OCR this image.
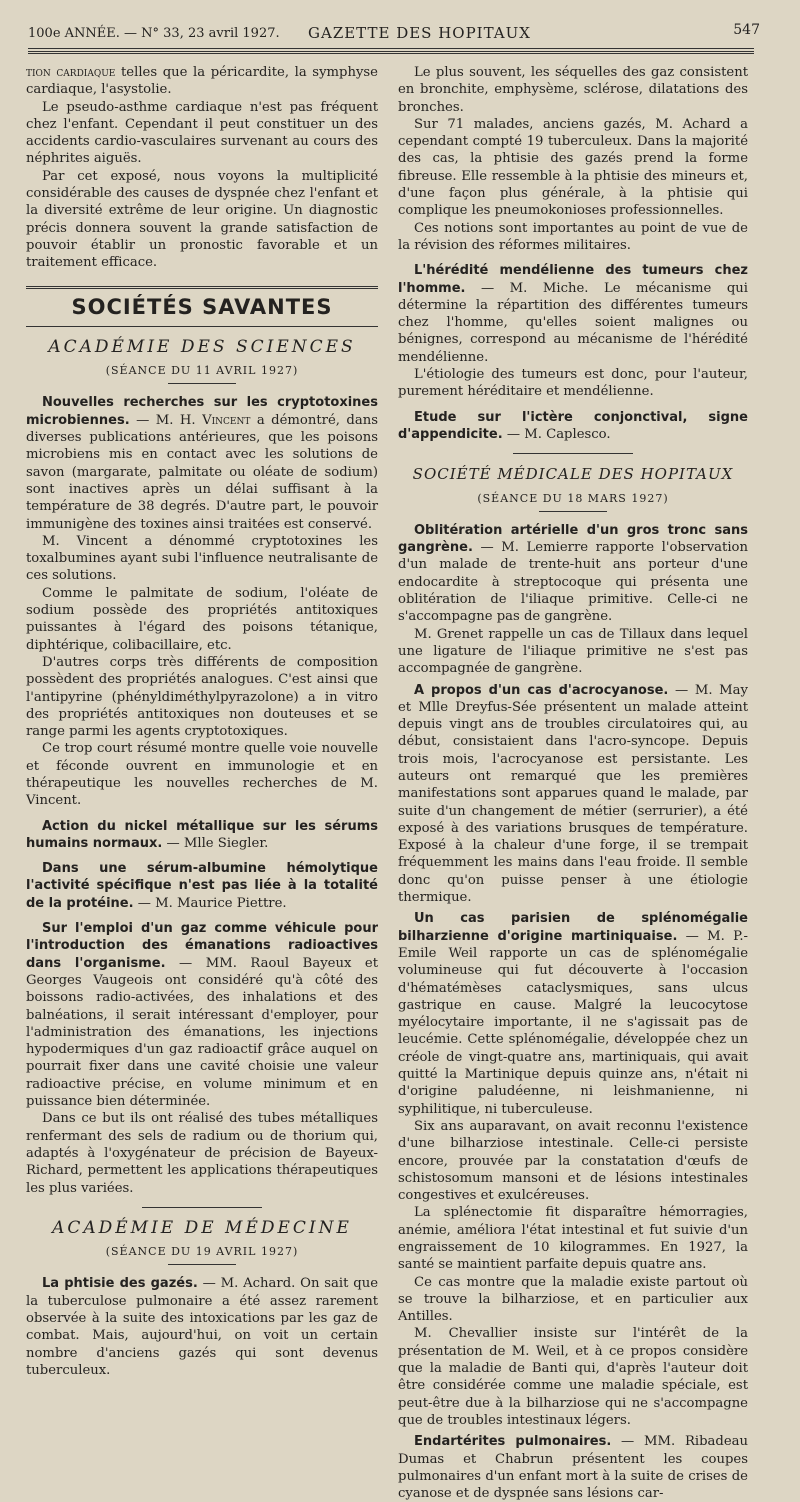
100e ANNÉE. — N° 33, 23 avril 1927. GAZETTE DES HOPITAUX	547

tion cardiaque telles que la péricardite, la symphyse cardiaque, l'asystolie.

Le pseudo-asthme cardiaque n'est pas fréquent chez l'enfant. Cependant il peut constituer un des accidents cardio-vasculaires survenant au cours des néphrites aiguës.

Par cet exposé, nous voyons la multiplicité considérable des causes de dyspnée chez l'enfant et la diversité extrême de leur origine. Un diagnostic précis donnera souvent la grande satisfaction de pouvoir établir un pronostic favorable et un traitement efficace.

SOCIÉTÉS SAVANTES
ACADÉMIE DES SCIENCES
(SÉANCE DU 11 AVRIL 1927)

Nouvelles recherches sur les cryptotoxines microbiennes. — M. H. Vincent a démontré, dans diverses publications antérieures, que les poisons microbiens mis en contact avec les solutions de savon (margarate, palmitate ou oléate de sodium) sont inactives après un délai suffisant à la température de 38 degrés. D'autre part, le pouvoir immunigène des toxines ainsi traitées est conservé.

M. Vincent a dénommé cryptotoxines les toxalbumines ayant subi l'influence neutralisante de ces solutions.

Comme le palmitate de sodium, l'oléate de sodium possède des propriétés antitoxiques puissantes à l'égard des poisons tétanique, diphtérique, colibacillaire, etc.

D'autres corps très différents de composition possèdent des propriétés analogues. C'est ainsi que l'antipyrine (phényldiméthylpyrazolone) a in vitro des propriétés antitoxiques non douteuses et se range parmi les agents cryptotoxiques.

Ce trop court résumé montre quelle voie nouvelle et féconde ouvrent en immunologie et en thérapeutique les nouvelles recherches de M. Vincent.

Action du nickel métallique sur les sérums humains normaux. — Mlle Siegler.

Dans une sérum-albumine hémolytique l'activité spécifique n'est pas liée à la totalité de la protéine. — M. Maurice Piettre.

Sur l'emploi d'un gaz comme véhicule pour l'introduction des émanations radioactives dans l'organisme. — MM. Raoul Bayeux et Georges Vaugeois ont considéré qu'à côté des boissons radio-activées, des inhalations et des balnéations, il serait intéressant d'employer, pour l'administration des émanations, les injections hypodermiques d'un gaz radioactif grâce auquel on pourrait fixer dans une cavité choisie une valeur radioactive précise, en volume minimum et en puissance bien déterminée.

Dans ce but ils ont réalisé des tubes métalliques renfermant des sels de radium ou de thorium qui, adaptés à l'oxygénateur de précision de Bayeux-Richard, permettent les applications thérapeutiques les plus variées.

ACADÉMIE DE MÉDECINE
(SÉANCE DU 19 AVRIL 1927)

La phtisie des gazés. — M. Achard. On sait que la tuberculose pulmonaire a été assez rarement observée à la suite des intoxications par les gaz de combat. Mais, aujourd'hui, on voit un certain nombre d'anciens gazés qui sont devenus tuberculeux.

Le plus souvent, les séquelles des gaz consistent en bronchite, emphysème, sclérose, dilatations des bronches.

Sur 71 malades, anciens gazés, M. Achard a cependant compté 19 tuberculeux. Dans la majorité des cas, la phtisie des gazés prend la forme fibreuse. Elle ressemble à la phtisie des mineurs et, d'une façon plus générale, à la phtisie qui complique les pneumokonioses professionnelles.

Ces notions sont importantes au point de vue de la révision des réformes militaires.

L'hérédité mendélienne des tumeurs chez l'homme. — M. Miche. Le mécanisme qui détermine la répartition des différentes tumeurs chez l'homme, qu'elles soient malignes ou bénignes, correspond au mécanisme de l'hérédité mendélienne.

L'étiologie des tumeurs est donc, pour l'auteur, purement héréditaire et mendélienne.

Etude sur l'ictère conjonctival, signe d'appendicite. — M. Caplesco.

SOCIÉTÉ MÉDICALE DES HOPITAUX
(SÉANCE DU 18 MARS 1927)

Oblitération artérielle d'un gros tronc sans gangrène. — M. Lemierre rapporte l'observation d'un malade de trente-huit ans porteur d'une endocardite à streptocoque qui présenta une oblitération de l'iliaque primitive. Celle-ci ne s'accompagne pas de gangrène.

M. Grenet rappelle un cas de Tillaux dans lequel une ligature de l'iliaque primitive ne s'est pas accompagnée de gangrène.

A propos d'un cas d'acrocyanose. — M. May et Mlle Dreyfus-Sée présentent un malade atteint depuis vingt ans de troubles circulatoires qui, au début, consistaient dans l'acro-syncope. Depuis trois mois, l'acrocyanose est persistante. Les auteurs ont remarqué que les premières manifestations sont apparues quand le malade, par suite d'un changement de métier (serrurier), a été exposé à des variations brusques de température. Exposé à la chaleur d'une forge, il se trempait fréquemment les mains dans l'eau froide. Il semble donc qu'on puisse penser à une étiologie thermique.

Un cas parisien de splénomégalie bilharzienne d'origine martiniquaise. — M. P.-Emile Weil rapporte un cas de splénomégalie volumineuse qui fut découverte à l'occasion d'hématémèses cataclysmiques, sans ulcus gastrique en cause. Malgré la leucocytose myélocytaire importante, il ne s'agissait pas de leucémie. Cette splénomégalie, développée chez un créole de vingt-quatre ans, martiniquais, qui avait quitté la Martinique depuis quinze ans, n'était ni d'origine paludéenne, ni leishmanienne, ni syphilitique, ni tuberculeuse.

Six ans auparavant, on avait reconnu l'existence d'une bilharziose intestinale. Celle-ci persiste encore, prouvée par la constatation d'œufs de schistosomum mansoni et de lésions intestinales congestives et exulcéreuses.

La splénectomie fit disparaître hémorragies, anémie, améliora l'état intestinal et fut suivie d'un engraissement de 10 kilogrammes. En 1927, la santé se maintient parfaite depuis quatre ans.

Ce cas montre que la maladie existe partout où se trouve la bilharziose, et en particulier aux Antilles.

M. Chevallier insiste sur l'intérêt de la présentation de M. Weil, et à ce propos considère que la maladie de Banti qui, d'après l'auteur doit être considérée comme une maladie spéciale, est peut-être due à la bilharziose qui ne s'accompagne que de troubles intestinaux légers.

Endartérites pulmonaires. — MM. Ribadeau Dumas et Chabrun présentent les coupes pulmonaires d'un enfant mort à la suite de crises de cyanose et de dyspnée sans lésions car-
